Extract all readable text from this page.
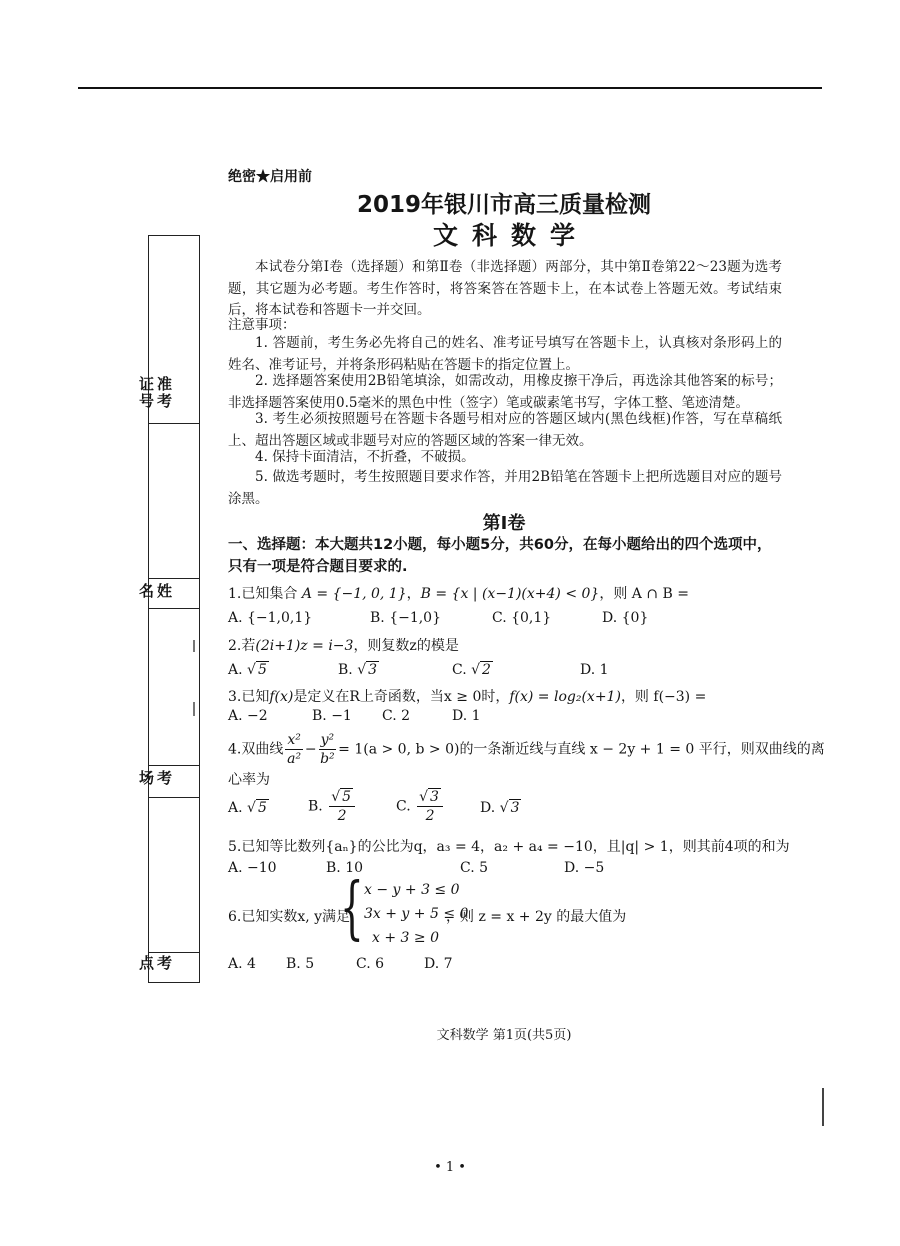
准考证号
姓名
考场
考点
绝密★启用前
2019年银川市高三质量检测
文科数学
本试卷分第Ⅰ卷（选择题）和第Ⅱ卷（非选择题）两部分，其中第Ⅱ卷第22～23题为选考题，其它题为必考题。考生作答时，将答案答在答题卡上，在本试卷上答题无效。考试结束后，将本试卷和答题卡一并交回。
注意事项：
1. 答题前，考生务必先将自己的姓名、准考证号填写在答题卡上，认真核对条形码上的姓名、准考证号，并将条形码粘贴在答题卡的指定位置上。
2. 选择题答案使用2B铅笔填涂，如需改动，用橡皮擦干净后，再选涂其他答案的标号；非选择题答案使用0.5毫米的黑色中性（签字）笔或碳素笔书写，字体工整、笔迹清楚。
3. 考生必须按照题号在答题卡各题号相对应的答题区域内(黑色线框)作答，写在草稿纸上、超出答题区域或非题号对应的答题区域的答案一律无效。
4. 保持卡面清洁，不折叠，不破损。
5. 做选考题时，考生按照题目要求作答，并用2B铅笔在答题卡上把所选题目对应的题号涂黑。
第Ⅰ卷
一、选择题：本大题共12小题，每小题5分，共60分，在每小题给出的四个选项中，只有一项是符合题目要求的.
1.已知集合 A = {−1, 0, 1}，B = {x | (x−1)(x+4) < 0}，则 A ∩ B =
A. {−1,0,1}	B. {−1,0}	C. {0,1}	D. {0}
2.若(2i+1)z = i−3，则复数z的模是
A. √ 5	B. √ 3	C. √ 2	D. 1
3.已知f(x)是定义在R上奇函数，当x ≥ 0时，f(x) = log₂(x+1)，则 f(−3) =
A. −2	B. −1 C. 2	D. 1
4.双曲线 $\frac{\text{x²}}{\text{a²}} - \frac{\text{y²}}{\text{b²}} = 1(a > 0$, b > 0)的一条渐近线与直线 x − 2y + 1 = 0 平行，则双曲线的离
心率为
A. √ 5	B. $\frac{√ 5}{2}$	C. $\frac{√ 3}{2}$	D. √ 3
5.已知等比数列{aₙ}的公比为q，a₃ = 4，a₂ + a₄ = −10，且|q| > 1，则其前4项的和为
A. −10	B. 10	C. 5	D. −5
6.已知实数x, y满足
{ x − y + 3 ≤ 0
3x + y + 5 ≤ 0
x + 3 ≥ 0
，则 z = x + 2y 的最大值为
A. 4 B. 5	C. 6	D. 7
文科数学 第1页(共5页)
• 1 •
